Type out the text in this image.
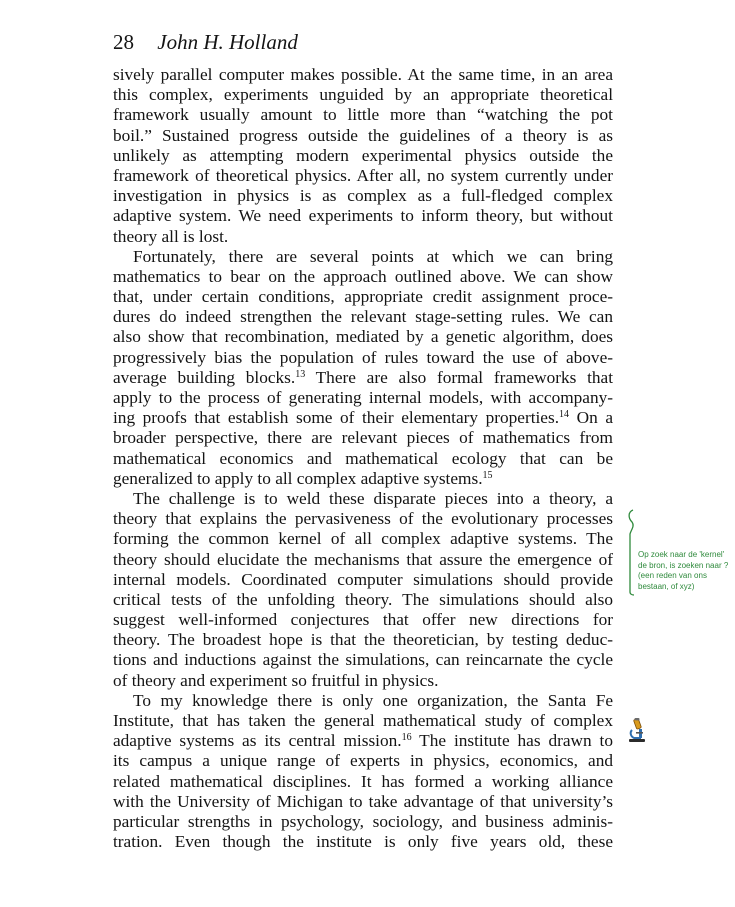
28 John H. Holland
sively parallel computer makes possible. At the same time, in an area
this complex, experiments unguided by an appropriate theoretical
framework usually amount to little more than “watching the pot
boil.” Sustained progress outside the guidelines of a theory is as
unlikely as attempting modern experimental physics outside the
framework of theoretical physics. After all, no system currently under
investigation in physics is as complex as a full-fledged complex
adaptive system. We need experiments to inform theory, but without
theory all is lost.
Fortunately, there are several points at which we can bring
mathematics to bear on the approach outlined above. We can show
that, under certain conditions, appropriate credit assignment proce-
dures do indeed strengthen the relevant stage-setting rules. We can
also show that recombination, mediated by a genetic algorithm, does
progressively bias the population of rules toward the use of above-
average building blocks.$^{13}$ There are also formal frameworks that
apply to the process of generating internal models, with accompany-
ing proofs that establish some of their elementary properties.$^{14}$ On a
broader perspective, there are relevant pieces of mathematics from
mathematical economics and mathematical ecology that can be
generalized to apply to all complex adaptive systems.$^{15}$
The challenge is to weld these disparate pieces into a theory, a
theory that explains the pervasiveness of the evolutionary processes
forming the common kernel of all complex adaptive systems. The
theory should elucidate the mechanisms that assure the emergence of
internal models. Coordinated computer simulations should provide
critical tests of the unfolding theory. The simulations should also
suggest well-informed conjectures that offer new directions for
theory. The broadest hope is that the theoretician, by testing deduc-
tions and inductions against the simulations, can reincarnate the cycle
of theory and experiment so fruitful in physics.
To my knowledge there is only one organization, the Santa Fe
Institute, that has taken the general mathematical study of complex
adaptive systems as its central mission.$^{16}$ The institute has drawn to
its campus a unique range of experts in physics, economics, and
related mathematical disciplines. It has formed a working alliance
with the University of Michigan to take advantage of that university’s
particular strengths in psychology, sociology, and business adminis-
tration. Even though the institute is only five years old, these
Op zoek naar de 'kernel' de bron, is zoeken naar ? (een reden van ons bestaan, of xyz)
